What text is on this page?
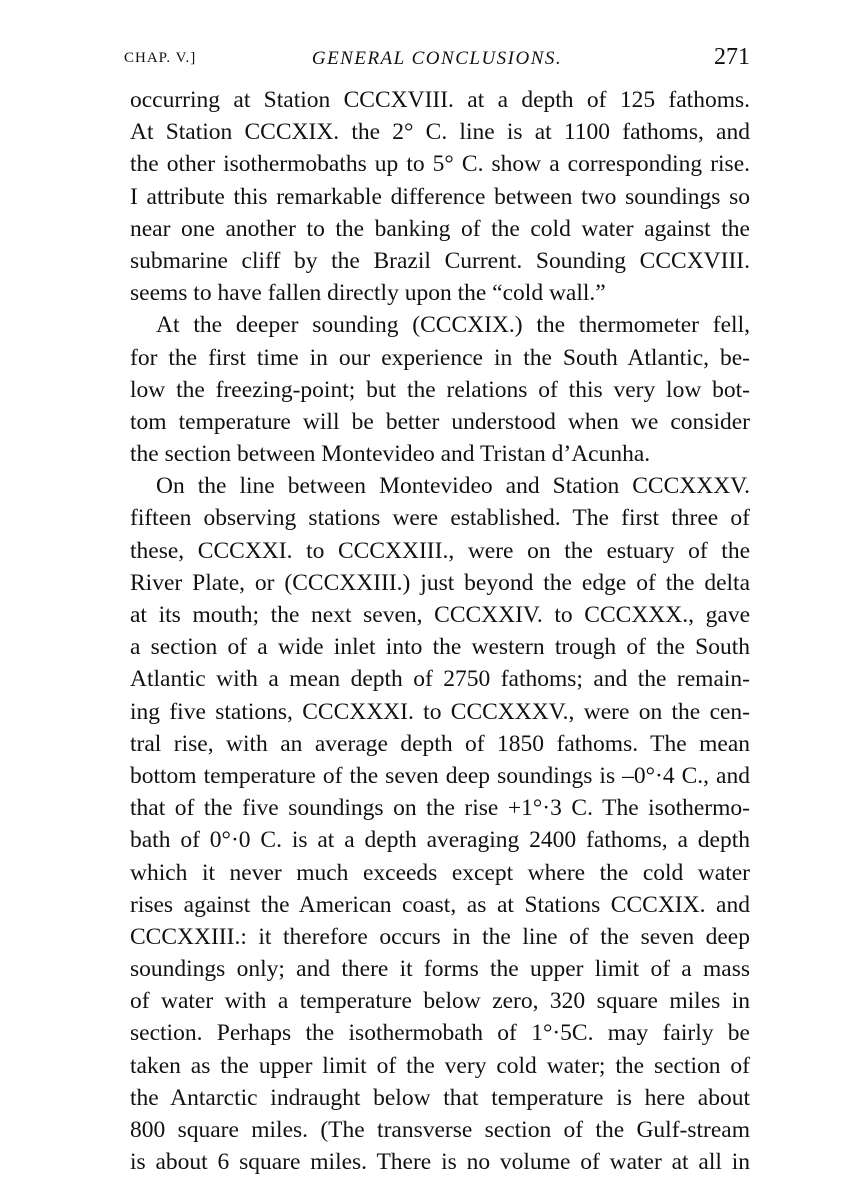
CHAP. V.]	GENERAL CONCLUSIONS.	271
occurring at Station CCCXVIII. at a depth of 125 fathoms.
At Station CCCXIX. the 2° C. line is at 1100 fathoms, and
the other isothermobaths up to 5° C. show a corresponding rise.
I attribute this remarkable difference between two soundings so
near one another to the banking of the cold water against the
submarine cliff by the Brazil Current. Sounding CCCXVIII.
seems to have fallen directly upon the “cold wall.”
At the deeper sounding (CCCXIX.) the thermometer fell,
for the first time in our experience in the South Atlantic, be-
low the freezing-point; but the relations of this very low bot-
tom temperature will be better understood when we consider
the section between Montevideo and Tristan d’Acunha.
On the line between Montevideo and Station CCCXXXV.
fifteen observing stations were established. The first three of
these, CCCXXI. to CCCXXIII., were on the estuary of the
River Plate, or (CCCXXIII.) just beyond the edge of the delta
at its mouth; the next seven, CCCXXIV. to CCCXXX., gave
a section of a wide inlet into the western trough of the South
Atlantic with a mean depth of 2750 fathoms; and the remain-
ing five stations, CCCXXXI. to CCCXXXV., were on the cen-
tral rise, with an average depth of 1850 fathoms. The mean
bottom temperature of the seven deep soundings is –0°·4 C., and
that of the five soundings on the rise +1°·3 C. The isothermo-
bath of 0°·0 C. is at a depth averaging 2400 fathoms, a depth
which it never much exceeds except where the cold water
rises against the American coast, as at Stations CCCXIX. and
CCCXXIII.: it therefore occurs in the line of the seven deep
soundings only; and there it forms the upper limit of a mass
of water with a temperature below zero, 320 square miles in
section. Perhaps the isothermobath of 1°·5C. may fairly be
taken as the upper limit of the very cold water; the section of
the Antarctic indraught below that temperature is here about
800 square miles. (The transverse section of the Gulf-stream
is about 6 square miles. There is no volume of water at all in
